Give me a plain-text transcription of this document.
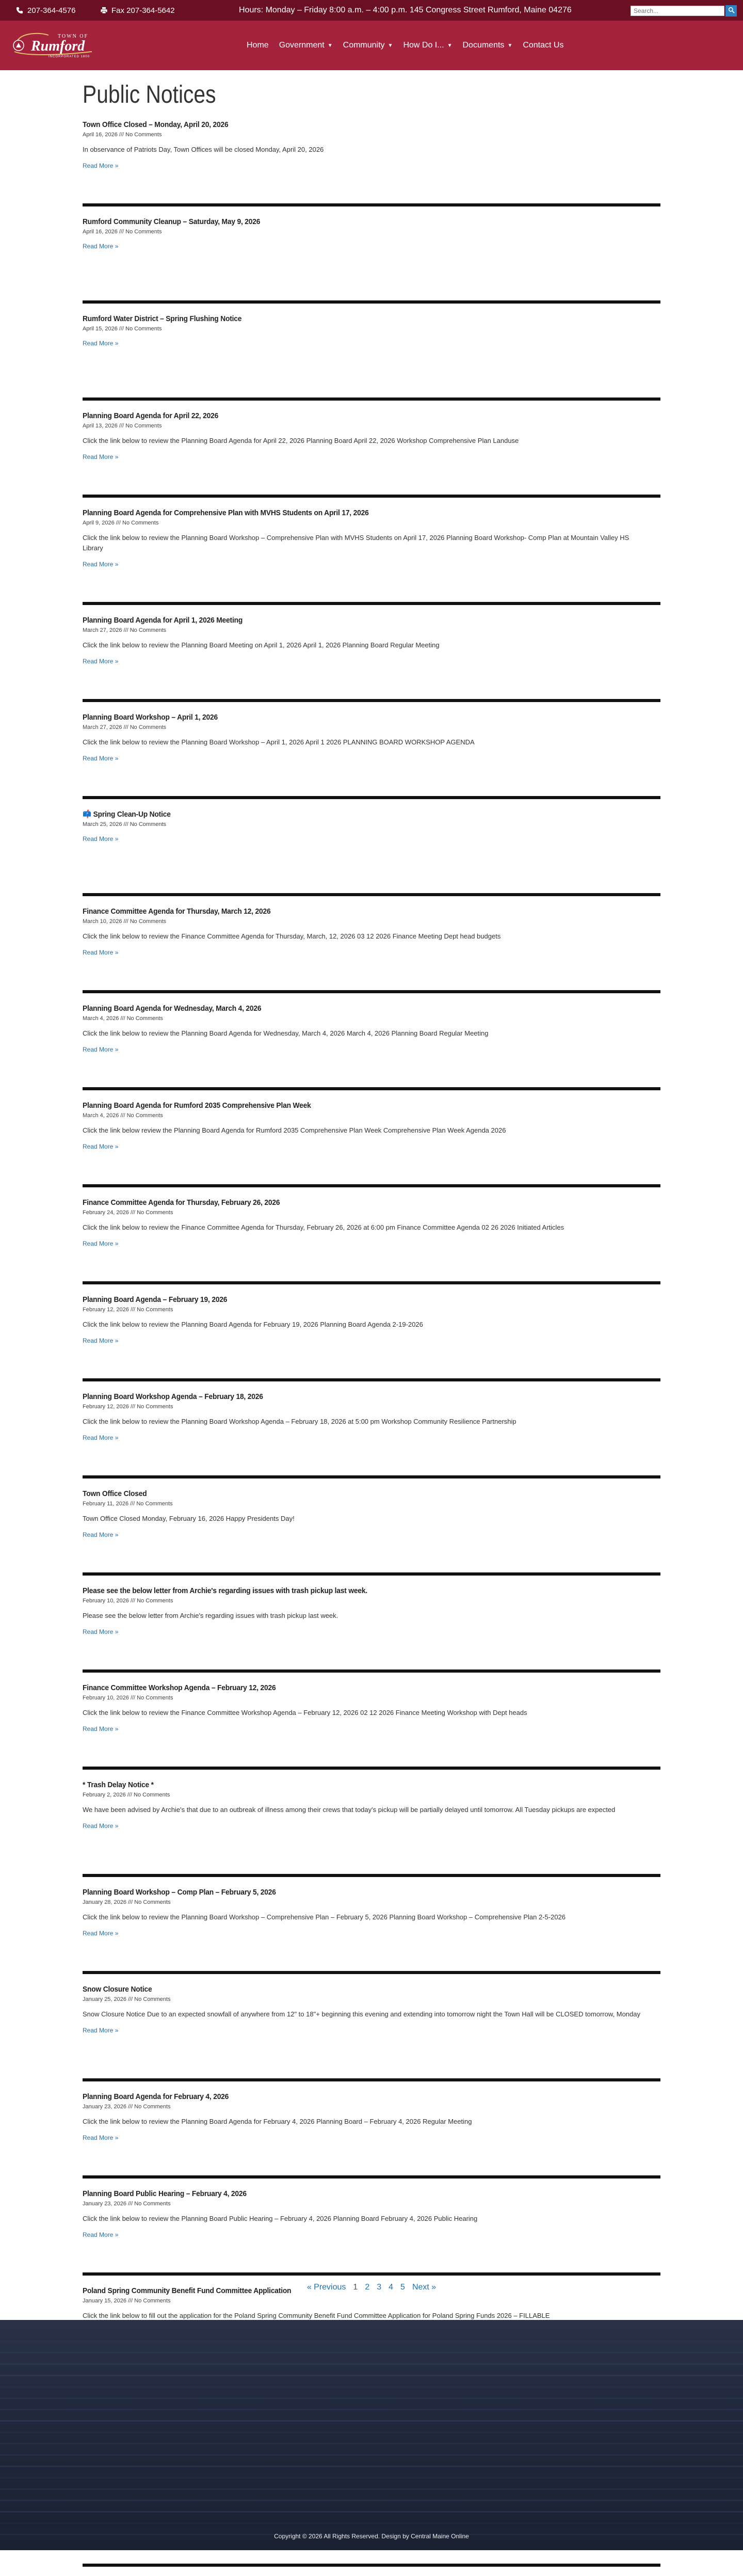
207-364-4576	Fax 207-364-5642	Hours: Monday – Friday 8:00 a.m. – 4:00 p.m. 145 Congress Street Rumford, Maine 04276
Search...
TOWN OF
Rumford
INCORPORATED 1800
Home Government ▼ Community ▼ How Do I... ▼ Documents ▼ Contact Us
Public Notices
Town Office Closed – Monday, April 20, 2026
April 16, 2026 /// No Comments
In observance of Patriots Day, Town Offices will be closed Monday, April 20, 2026
Read More »
Rumford Community Cleanup – Saturday, May 9, 2026
April 16, 2026 /// No Comments
Read More »
Rumford Water District – Spring Flushing Notice
April 15, 2026 /// No Comments
Read More »
Planning Board Agenda for April 22, 2026
April 13, 2026 /// No Comments
Click the link below to review the Planning Board Agenda for April 22, 2026 Planning Board April 22, 2026 Workshop Comprehensive Plan Landuse
Read More »
Planning Board Agenda for Comprehensive Plan with MVHS Students on April 17, 2026
April 9, 2026 /// No Comments
Click the link below to review the Planning Board Workshop – Comprehensive Plan with MVHS Students on April 17, 2026 Planning Board Workshop- Comp Plan at Mountain Valley HS Library
Read More »
Planning Board Agenda for April 1, 2026 Meeting
March 27, 2026 /// No Comments
Click the link below to review the Planning Board Meeting on April 1, 2026 April 1, 2026 Planning Board Regular Meeting
Read More »
Planning Board Workshop – April 1, 2026
March 27, 2026 /// No Comments
Click the link below to review the Planning Board Workshop – April 1, 2026 April 1 2026 PLANNING BOARD WORKSHOP AGENDA
Read More »
📫 Spring Clean-Up Notice
March 25, 2026 /// No Comments
Read More »
Finance Committee Agenda for Thursday, March 12, 2026
March 10, 2026 /// No Comments
Click the link below to review the Finance Committee Agenda for Thursday, March, 12, 2026 03 12 2026 Finance Meeting Dept head budgets
Read More »
Planning Board Agenda for Wednesday, March 4, 2026
March 4, 2026 /// No Comments
Click the link below to review the Planning Board Agenda for Wednesday, March 4, 2026 March 4, 2026 Planning Board Regular Meeting
Read More »
Planning Board Agenda for Rumford 2035 Comprehensive Plan Week
March 4, 2026 /// No Comments
Click the link below review the Planning Board Agenda for Rumford 2035 Comprehensive Plan Week Comprehensive Plan Week Agenda 2026
Read More »
Finance Committee Agenda for Thursday, February 26, 2026
February 24, 2026 /// No Comments
Click the link below to review the Finance Committee Agenda for Thursday, February 26, 2026 at 6:00 pm Finance Committee Agenda 02 26 2026 Initiated Articles
Read More »
Planning Board Agenda – February 19, 2026
February 12, 2026 /// No Comments
Click the link below to review the Planning Board Agenda for February 19, 2026 Planning Board Agenda 2-19-2026
Read More »
Planning Board Workshop Agenda – February 18, 2026
February 12, 2026 /// No Comments
Click the link below to review the Planning Board Workshop Agenda – February 18, 2026 at 5:00 pm Workshop Community Resilience Partnership
Read More »
Town Office Closed
February 11, 2026 /// No Comments
Town Office Closed Monday, February 16, 2026 Happy Presidents Day!
Read More »
Please see the below letter from Archie's regarding issues with trash pickup last week.
February 10, 2026 /// No Comments
Please see the below letter from Archie's regarding issues with trash pickup last week.
Read More »
Finance Committee Workshop Agenda – February 12, 2026
February 10, 2026 /// No Comments
Click the link below to review the Finance Committee Workshop Agenda – February 12, 2026 02 12 2026 Finance Meeting Workshop with Dept heads
Read More »
* Trash Delay Notice *
February 2, 2026 /// No Comments
We have been advised by Archie's that due to an outbreak of illness among their crews that today's pickup will be partially delayed until tomorrow. All Tuesday pickups are expected
Read More »
Planning Board Workshop – Comp Plan – February 5, 2026
January 28, 2026 /// No Comments
Click the link below to review the Planning Board Workshop – Comprehensive Plan – February 5, 2026 Planning Board Workshop – Comprehensive Plan 2-5-2026
Read More »
Snow Closure Notice
January 25, 2026 /// No Comments
Snow Closure Notice Due to an expected snowfall of anywhere from 12" to 18"+ beginning this evening and extending into tomorrow night the Town Hall will be CLOSED tomorrow, Monday
Read More »
Planning Board Agenda for February 4, 2026
January 23, 2026 /// No Comments
Click the link below to review the Planning Board Agenda for February 4, 2026 Planning Board – February 4, 2026 Regular Meeting
Read More »
Planning Board Public Hearing – February 4, 2026
January 23, 2026 /// No Comments
Click the link below to review the Planning Board Public Hearing – February 4, 2026 Planning Board February 4, 2026 Public Hearing
Read More »
Poland Spring Community Benefit Fund Committee Application
January 15, 2026 /// No Comments
Click the link below to fill out the application for the Poland Spring Community Benefit Fund Committee Application for Poland Spring Funds 2026 – FILLABLE
« Previous 1 2 3 4 5 Next »
Copyright © 2026 All Rights Reserved. Design by Central Maine Online
